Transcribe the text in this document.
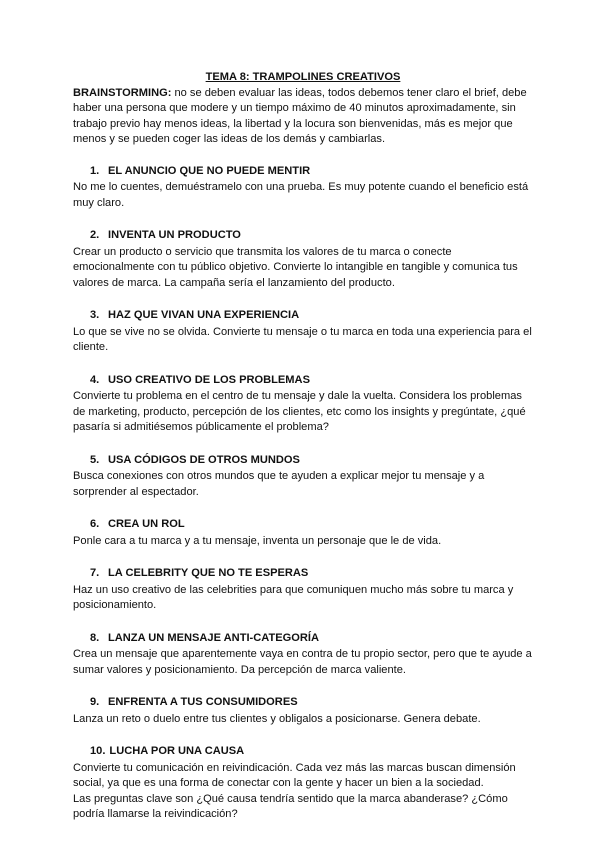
TEMA 8: TRAMPOLINES CREATIVOS

BRAINSTORMING: no se deben evaluar las ideas, todos debemos tener claro el brief, debe haber una persona que modere y un tiempo máximo de 40 minutos aproximadamente, sin trabajo previo hay menos ideas, la libertad y la locura son bienvenidas, más es mejor que menos y se pueden coger las ideas de los demás y cambiarlas.

1. EL ANUNCIO QUE NO PUEDE MENTIR

No me lo cuentes, demuéstramelo con una prueba. Es muy potente cuando el beneficio está muy claro.

2. INVENTA UN PRODUCTO

Crear un producto o servicio que transmita los valores de tu marca o conecte emocionalmente con tu público objetivo. Convierte lo intangible en tangible y comunica tus valores de marca. La campaña sería el lanzamiento del producto.

3. HAZ QUE VIVAN UNA EXPERIENCIA

Lo que se vive no se olvida. Convierte tu mensaje o tu marca en toda una experiencia para el cliente.

4. USO CREATIVO DE LOS PROBLEMAS

Convierte tu problema en el centro de tu mensaje y dale la vuelta. Considera los problemas de marketing, producto, percepción de los clientes, etc como los insights y pregúntate, ¿qué pasaría si admitiésemos públicamente el problema?

5. USA CÓDIGOS DE OTROS MUNDOS

Busca conexiones con otros mundos que te ayuden a explicar mejor tu mensaje y a sorprender al espectador.

6. CREA UN ROL

Ponle cara a tu marca y a tu mensaje, inventa un personaje que le de vida.

7. LA CELEBRITY QUE NO TE ESPERAS

Haz un uso creativo de las celebrities para que comuniquen mucho más sobre tu marca y posicionamiento.

8. LANZA UN MENSAJE ANTI-CATEGORÍA

Crea un mensaje que aparentemente vaya en contra de tu propio sector, pero que te ayude a sumar valores y posicionamiento. Da percepción de marca valiente.

9. ENFRENTA A TUS CONSUMIDORES

Lanza un reto o duelo entre tus clientes y obligalos a posicionarse. Genera debate.

10. LUCHA POR UNA CAUSA

Convierte tu comunicación en reivindicación. Cada vez más las marcas buscan dimensión social, ya que es una forma de conectar con la gente y hacer un bien a la sociedad.

Las preguntas clave son ¿Qué causa tendría sentido que la marca abanderase? ¿Cómo podría llamarse la reivindicación?
